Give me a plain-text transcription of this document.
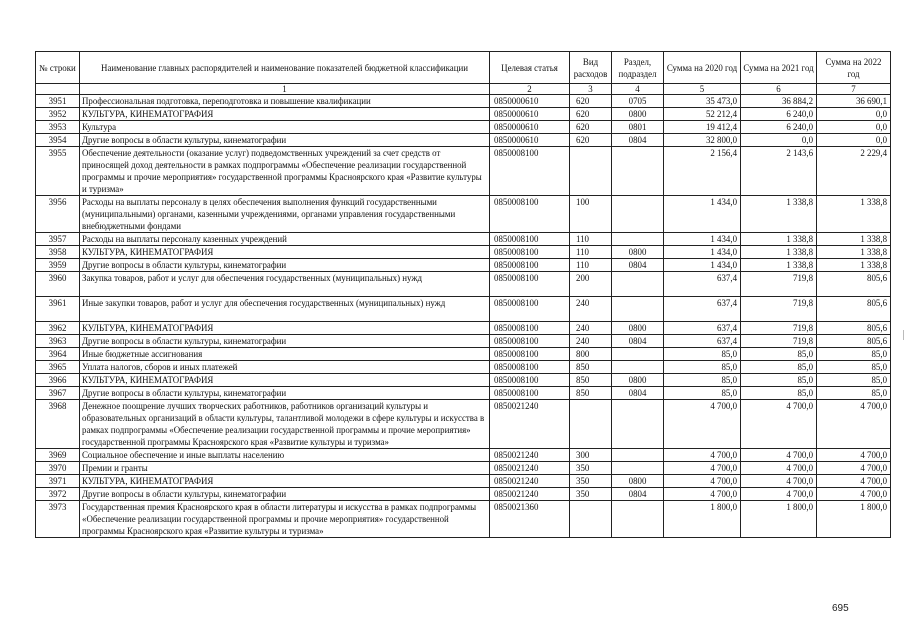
№ строки	Наименование главных распорядителей и наименование показателей бюджетной классификации	Целевая статья	Вид расходов	Раздел, подраздел	Сумма на 2020 год	Сумма на 2021 год	Сумма на 2022 год
	1	2	3	4	5	6	7
3951	Профессиональная подготовка, переподготовка и повышение квалификации	0850000610	620	0705	35 473,0	36 884,2	36 690,1
3952	КУЛЬТУРА, КИНЕМАТОГРАФИЯ	0850000610	620	0800	52 212,4	6 240,0	0,0
3953	Культура	0850000610	620	0801	19 412,4	6 240,0	0,0
3954	Другие вопросы в области культуры, кинематографии	0850000610	620	0804	32 800,0	0,0	0,0
3955	Обеспечение деятельности (оказание услуг) подведомственных учреждений за счет средств от приносящей доход деятельности в рамках подпрограммы «Обеспечение реализации государственной программы и прочие мероприятия» государственной программы Красноярского края «Развитие культуры и туризма»	0850008100			2 156,4	2 143,6	2 229,4
3956	Расходы на выплаты персоналу в целях обеспечения выполнения функций государственными (муниципальными) органами, казенными учреждениями, органами управления государственными внебюджетными фондами	0850008100	100		1 434,0	1 338,8	1 338,8
3957	Расходы на выплаты персоналу казенных учреждений	0850008100	110		1 434,0	1 338,8	1 338,8
3958	КУЛЬТУРА, КИНЕМАТОГРАФИЯ	0850008100	110	0800	1 434,0	1 338,8	1 338,8
3959	Другие вопросы в области культуры, кинематографии	0850008100	110	0804	1 434,0	1 338,8	1 338,8
3960	Закупка товаров, работ и услуг для обеспечения государственных (муниципальных) нужд	0850008100	200		637,4	719,8	805,6
3961	Иные закупки товаров, работ и услуг для обеспечения государственных (муниципальных) нужд	0850008100	240		637,4	719,8	805,6
3962	КУЛЬТУРА, КИНЕМАТОГРАФИЯ	0850008100	240	0800	637,4	719,8	805,6
3963	Другие вопросы в области культуры, кинематографии	0850008100	240	0804	637,4	719,8	805,6
3964	Иные бюджетные ассигнования	0850008100	800		85,0	85,0	85,0
3965	Уплата налогов, сборов и иных платежей	0850008100	850		85,0	85,0	85,0
3966	КУЛЬТУРА, КИНЕМАТОГРАФИЯ	0850008100	850	0800	85,0	85,0	85,0
3967	Другие вопросы в области культуры, кинематографии	0850008100	850	0804	85,0	85,0	85,0
3968	Денежное поощрение лучших творческих работников, работников организаций культуры и образовательных организаций в области культуры, талантливой молодежи в сфере культуры и искусства в рамках подпрограммы «Обеспечение реализации государственной программы и прочие мероприятия» государственной программы Красноярского края «Развитие культуры и туризма»	0850021240			4 700,0	4 700,0	4 700,0
3969	Социальное обеспечение и иные выплаты населению	0850021240	300		4 700,0	4 700,0	4 700,0
3970	Премии и гранты	0850021240	350		4 700,0	4 700,0	4 700,0
3971	КУЛЬТУРА, КИНЕМАТОГРАФИЯ	0850021240	350	0800	4 700,0	4 700,0	4 700,0
3972	Другие вопросы в области культуры, кинематографии	0850021240	350	0804	4 700,0	4 700,0	4 700,0
3973	Государственная премия Красноярского края в области литературы и искусства в рамках подпрограммы «Обеспечение реализации государственной программы и прочие мероприятия» государственной программы Красноярского края «Развитие культуры и туризма»	0850021360			1 800,0	1 800,0	1 800,0
695
